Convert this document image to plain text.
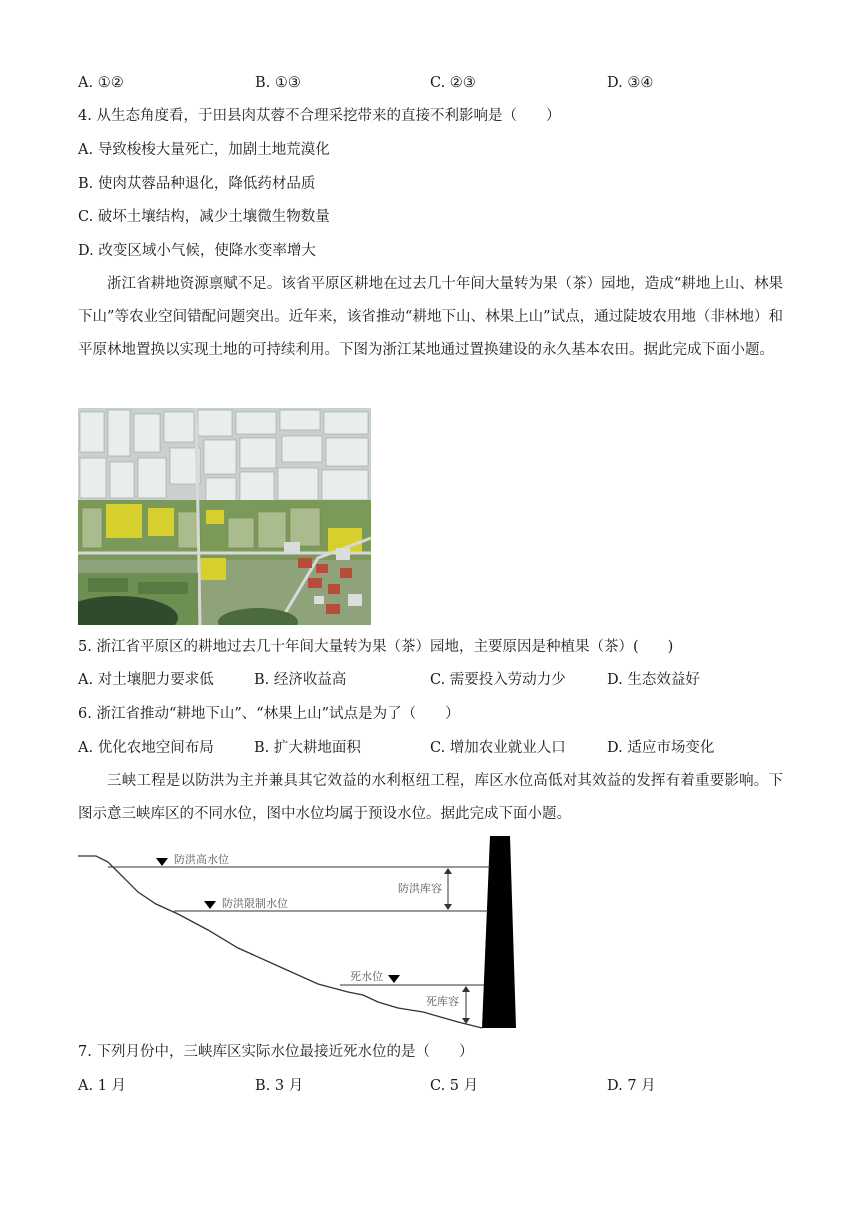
A. ①②	B. ①③	C. ②③	D. ③④
4. 从生态角度看，于田县肉苁蓉不合理采挖带来的直接不利影响是（　　）
A. 导致梭梭大量死亡，加剧土地荒漠化
B. 使肉苁蓉品种退化，降低药材品质
C. 破坏土壤结构，减少土壤微生物数量
D. 改变区域小气候，使降水变率增大
浙江省耕地资源禀赋不足。该省平原区耕地在过去几十年间大量转为果（茶）园地，造成“耕地上山、林果下山”等农业空间错配问题突出。近年来，该省推动“耕地下山、林果上山”试点，通过陡坡农用地（非林地）和平原林地置换以实现土地的可持续利用。下图为浙江某地通过置换建设的永久基本农田。据此完成下面小题。
5. 浙江省平原区的耕地过去几十年间大量转为果（茶）园地，主要原因是种植果（茶）(　　)
A. 对土壤肥力要求低	B. 经济收益高	C. 需要投入劳动力少	D. 生态效益好
6. 浙江省推动“耕地下山”、“林果上山”试点是为了（　　）
A. 优化农地空间布局	B. 扩大耕地面积	C. 增加农业就业人口	D. 适应市场变化
三峡工程是以防洪为主并兼具其它效益的水利枢纽工程，库区水位高低对其效益的发挥有着重要影响。下图示意三峡库区的不同水位，图中水位均属于预设水位。据此完成下面小题。
防洪高水位
防洪限制水位
死水位
防洪库容
死库容
7. 下列月份中，三峡库区实际水位最接近死水位的是（　　）
A. 1 月	B. 3 月	C. 5 月	D. 7 月
